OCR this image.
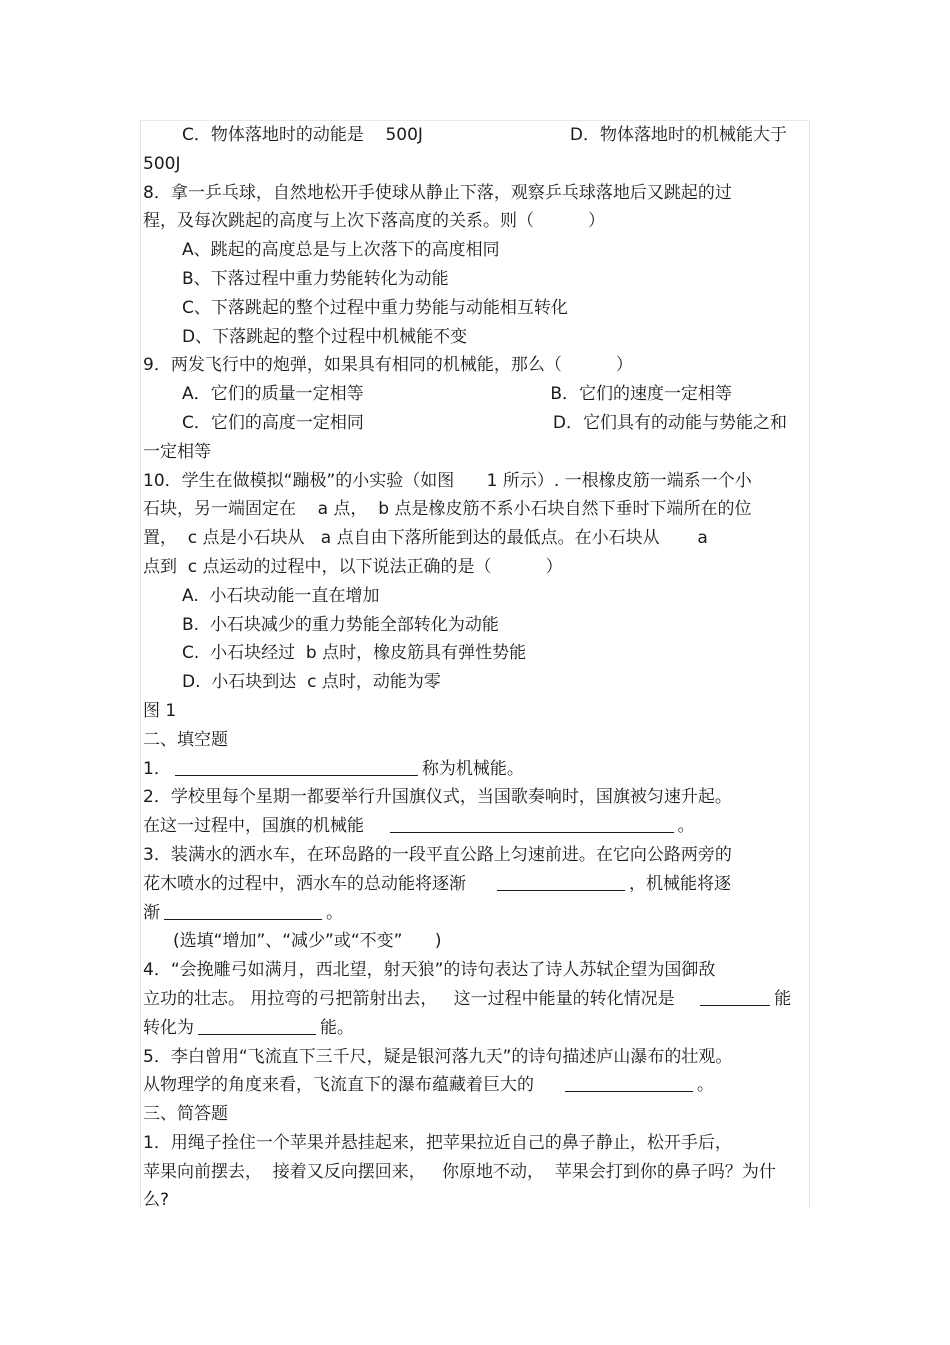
C．物体落地时的动能是    500J	D．物体落地时的机械能大于
500J
8．拿一乒乓球，自然地松开手使球从静止下落，观察乒乓球落地后又跳起的过
程，及每次跳起的高度与上次下落高度的关系。则（          ）
A、跳起的高度总是与上次落下的高度相同
B、下落过程中重力势能转化为动能
C、下落跳起的整个过程中重力势能与动能相互转化
D、下落跳起的整个过程中机械能不变
9．两发飞行中的炮弹，如果具有相同的机械能，那么（          ）
A．它们的质量一定相等	B．它们的速度一定相等
C．它们的高度一定相同	D．它们具有的动能与势能之和
一定相等
10．学生在做模拟“蹦极”的小实验（如图      1 所示）. 一根橡皮筋一端系一个小
石块，另一端固定在    a 点，  b 点是橡皮筋不系小石块自然下垂时下端所在的位
置，  c 点是小石块从   a 点自由下落所能到达的最低点。在小石块从       a
点到  c 点运动的过程中，以下说法正确的是（          ）
A.  小石块动能一直在增加
B.  小石块减少的重力势能全部转化为动能
C.  小石块经过  b 点时，橡皮筋具有弹性势能
D.  小石块到达  c 点时，动能为零
图 1
二、填空题
1．	称为机械能。
2．学校里每个星期一都要举行升国旗仪式，当国歌奏响时，国旗被匀速升起。
在这一过程中，国旗的机械能	。
3．装满水的洒水车，在环岛路的一段平直公路上匀速前进。在它向公路两旁的
花木喷水的过程中，洒水车的总动能将逐渐	，机械能将逐
渐	。
(选填“增加”、“减少”或“不变”      )
4．“会挽雕弓如满月，西北望，射天狼”的诗句表达了诗人苏轼企望为国御敌
立功的壮志。 用拉弯的弓把箭射出去，   这一过程中能量的转化情况是	能
转化为	能。
5．李白曾用“飞流直下三千尺，疑是银河落九天”的诗句描述庐山瀑布的壮观。
从物理学的角度来看，飞流直下的瀑布蕴藏着巨大的	。
三、简答题
1．用绳子拴住一个苹果并悬挂起来，把苹果拉近自己的鼻子静止，松开手后，
苹果向前摆去，  接着又反向摆回来，   你原地不动，  苹果会打到你的鼻子吗？为什
么?
